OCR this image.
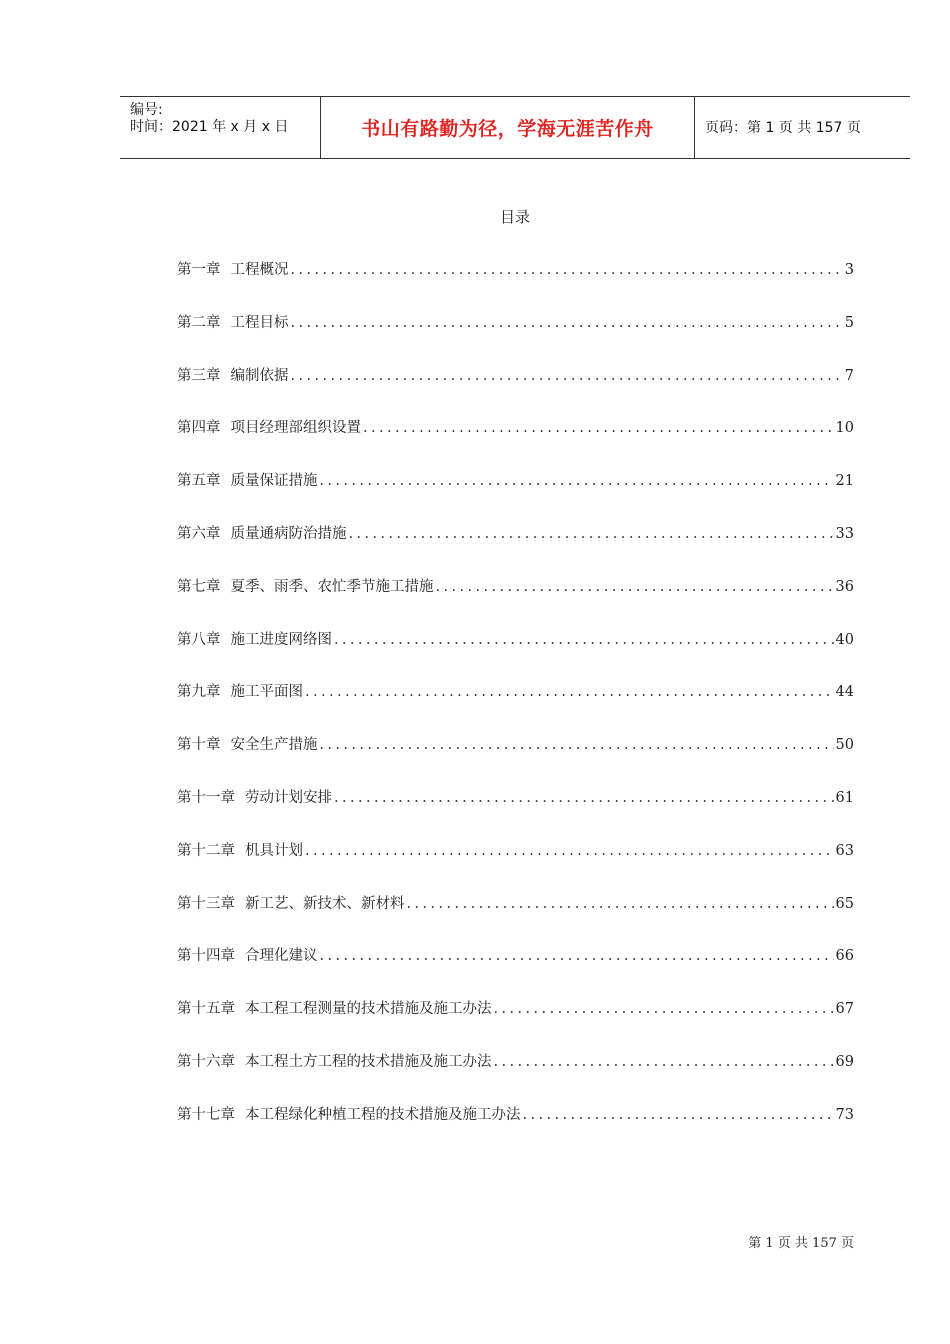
编号:
时间：2021 年 x 月 x 日	书山有路勤为径，学海无涯苦作舟	页码：第 1 页 共 157 页
目录
第一章 工程概况 .....	3
第二章 工程目标 .....	5
第三章 编制依据 .....	7
第四章 项目经理部组织设置 .....	10
第五章 质量保证措施 .....	21
第六章 质量通病防治措施 .....	33
第七章 夏季、雨季、农忙季节施工措施 .....	36
第八章 施工进度网络图 .....	40
第九章 施工平面图 .....	44
第十章 安全生产措施 .....	50
第十一章 劳动计划安排 .....	61
第十二章 机具计划 .....	63
第十三章 新工艺、新技术、新材料 .....	65
第十四章 合理化建议 .....	66
第十五章 本工程工程测量的技术措施及施工办法 .....	67
第十六章 本工程土方工程的技术措施及施工办法 .....	69
第十七章 本工程绿化种植工程的技术措施及施工办法 .....	73
第 1 页 共 157 页
